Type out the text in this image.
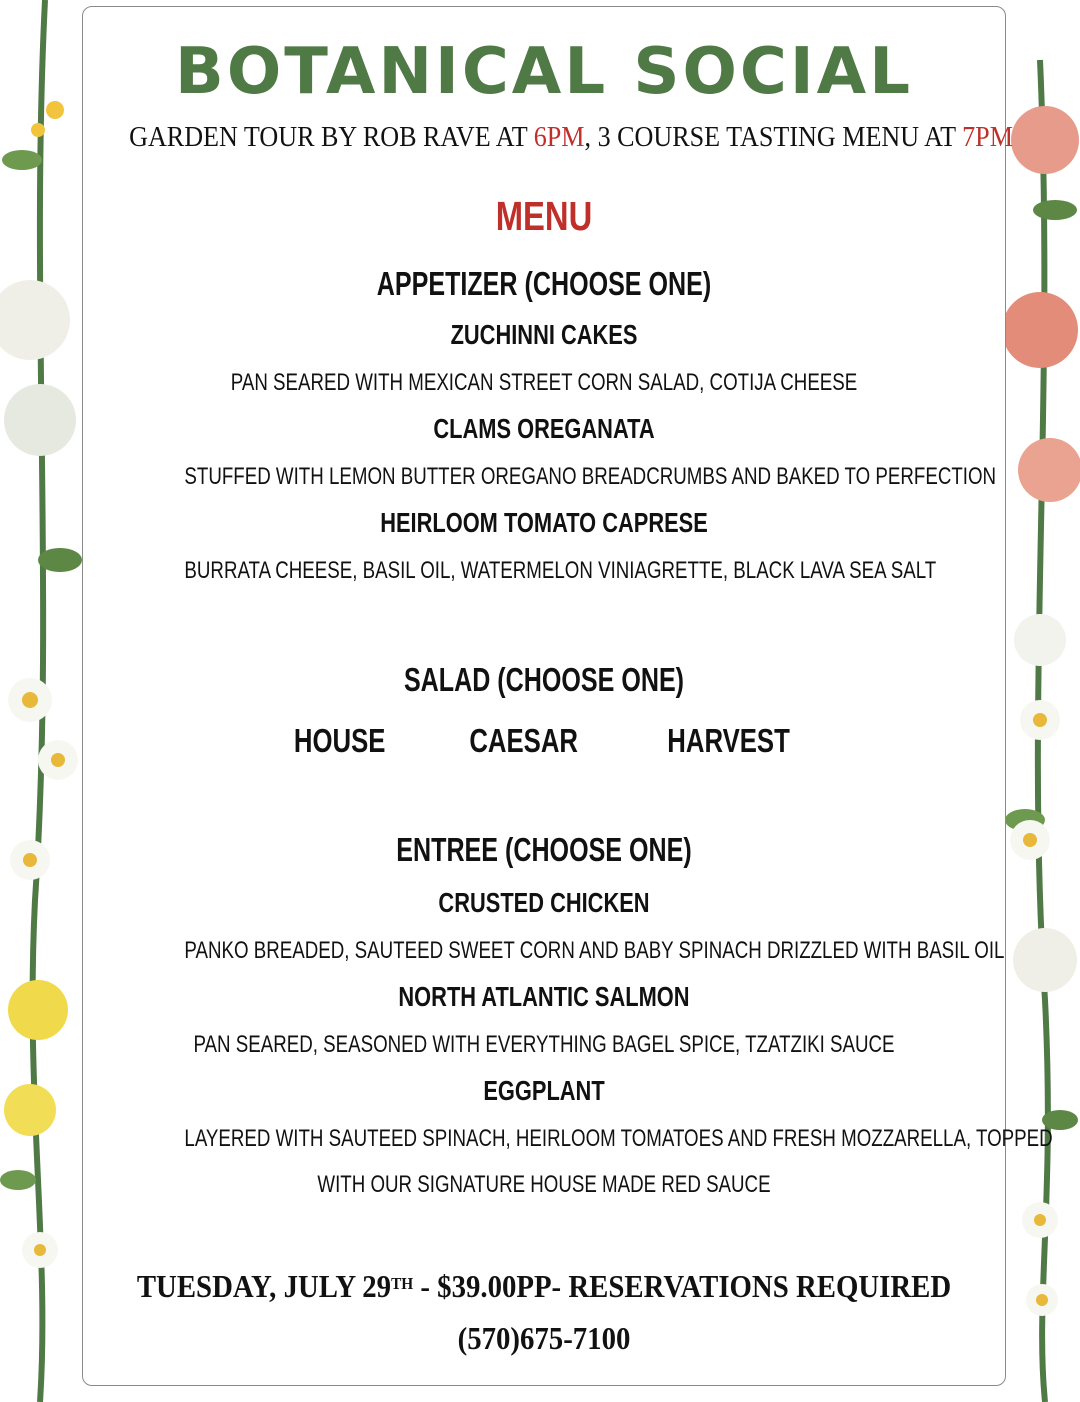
BOTANICAL SOCIAL
GARDEN TOUR BY ROB RAVE AT 6PM, 3 COURSE TASTING MENU AT 7PM
MENU
APPETIZER (CHOOSE ONE)
ZUCHINNI CAKES
PAN SEARED WITH MEXICAN STREET CORN SALAD, COTIJA CHEESE
CLAMS OREGANATA
STUFFED WITH LEMON BUTTER OREGANO BREADCRUMBS AND BAKED TO PERFECTION
HEIRLOOM TOMATO CAPRESE
BURRATA CHEESE, BASIL OIL, WATERMELON VINIAGRETTE, BLACK LAVA SEA SALT
SALAD (CHOOSE ONE)
HOUSE	CAESAR	HARVEST
ENTREE (CHOOSE ONE)
CRUSTED CHICKEN
PANKO BREADED, SAUTEED SWEET CORN AND BABY SPINACH DRIZZLED WITH BASIL OIL
NORTH ATLANTIC SALMON
PAN SEARED, SEASONED WITH EVERYTHING BAGEL SPICE, TZATZIKI SAUCE
EGGPLANT
LAYERED WITH SAUTEED SPINACH, HEIRLOOM TOMATOES AND FRESH MOZZARELLA, TOPPED
WITH OUR SIGNATURE HOUSE MADE RED SAUCE
TUESDAY, JULY 29TH - $39.00PP- RESERVATIONS REQUIRED
(570)675-7100
